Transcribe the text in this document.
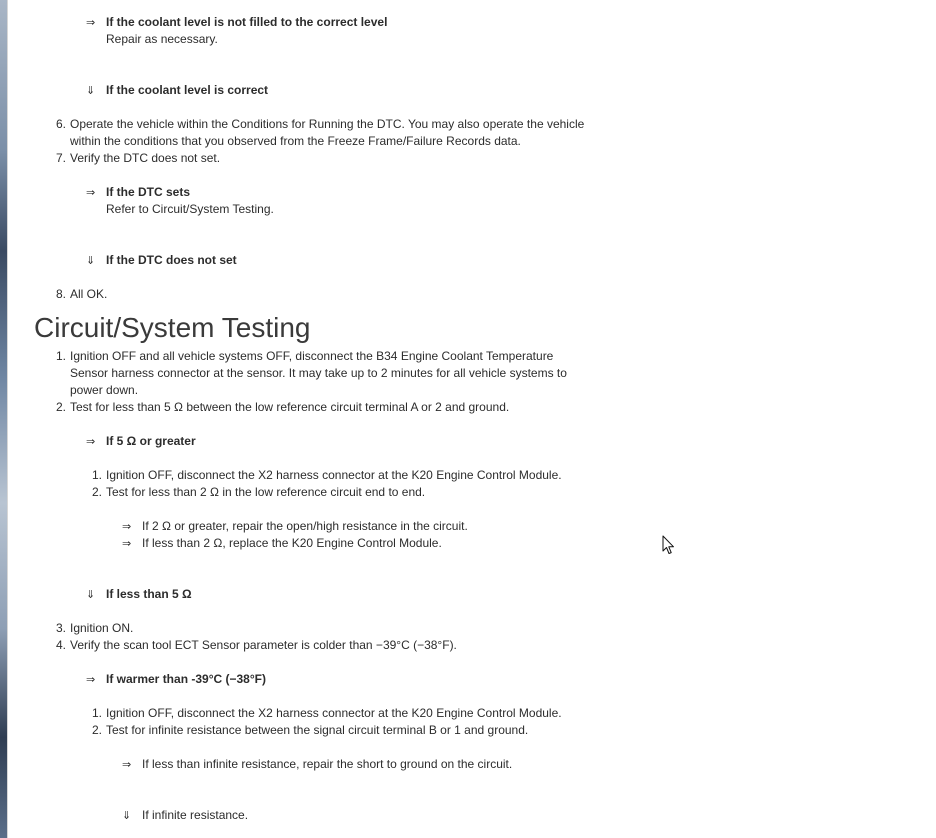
⇒ If the coolant level is not filled to the correct level
Repair as necessary.
⇓ If the coolant level is correct
6. Operate the vehicle within the Conditions for Running the DTC. You may also operate the vehicle
within the conditions that you observed from the Freeze Frame/Failure Records data.
7. Verify the DTC does not set.
⇒ If the DTC sets
Refer to Circuit/System Testing.
⇓ If the DTC does not set
8. All OK.
Circuit/System Testing
1. Ignition OFF and all vehicle systems OFF, disconnect the B34 Engine Coolant Temperature
Sensor harness connector at the sensor. It may take up to 2 minutes for all vehicle systems to
power down.
2. Test for less than 5 Ω between the low reference circuit terminal A or 2 and ground.
⇒ If 5 Ω or greater
1. Ignition OFF, disconnect the X2 harness connector at the K20 Engine Control Module.
2. Test for less than 2 Ω in the low reference circuit end to end.
⇒ If 2 Ω or greater, repair the open/high resistance in the circuit.
⇒ If less than 2 Ω, replace the K20 Engine Control Module.
⇓ If less than 5 Ω
3. Ignition ON.
4. Verify the scan tool ECT Sensor parameter is colder than −39°C (−38°F).
⇒ If warmer than -39°C (−38°F)
1. Ignition OFF, disconnect the X2 harness connector at the K20 Engine Control Module.
2. Test for infinite resistance between the signal circuit terminal B or 1 and ground.
⇒ If less than infinite resistance, repair the short to ground on the circuit.
⇓ If infinite resistance.
